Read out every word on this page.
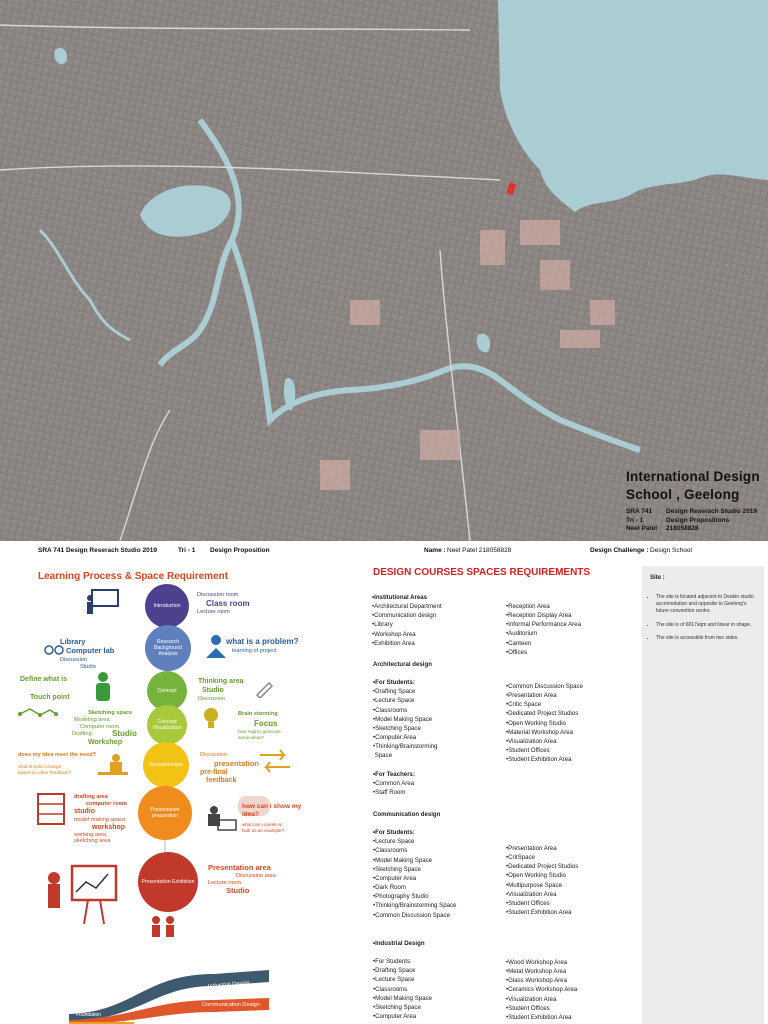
International Design
School , Geelong
SRA 741	Design Reserach Studio 2019
Tri - 1	Design Propositions
Neel Patel	218058828
SRA 741 Design Reserach Studio 2019	Tri - 1 Design Proposition	Name : Neel Patel 218058828	Design Challenge : Design School
Learning Process & Space Requirement
Introduction
Research Background Analysis
Concept
Concept Visualization
Reconstruction
Presentation preparation
Presentation Exhibition
Discussion room
Class room
Lecture room
what is a problem?
learning of project
Library
Computer lab
Discussion
Studio
Define what is
Touch point
Thinking area
Studio
Discussion
Sketching space
Modeling area
Computer room
Drafting	Studio
Workshop
Brain storming
Focus
how might i generate
some ideas?
does my idea meet the need?
what should i change
based on other feedback?
Discussion
presentation
pre-final
feedback
drafting area
computer room
studio
model making space
workshop
working area
sketching area
how can i show my
idea?
what can i create or
built as an example?
Presentation area
Discussion area
Lecture room
Studio
Industrial Design
Communication Design
Foundation
DESIGN COURSES SPACES REQUIREMENTS
•Institutional Areas
•Architectural Department
•Communication design
•Library
•Workshop Area
•Exhibition Area
•Reception Area
•Reception Display Area
•Informal Performance Area
•Auditorium
•Canteen
•Offices
Architectural design
•For Students:
•Drafting Space
•Lecture Space
•Classrooms
•Model Making Space
•Sketching Space
•Computer Area
•Thinking/Brainstorming
Space
•For Teachers:
•Common Area
•Staff Room
•Common Discussion Space
•Presentation Area
•Critic Space
•Dedicated Project Studios
•Open Working Studio
•Material Workshop Area
•Visualization Area
•Student Offices
•Student Exhibition Area
Communication design
•For Students:
•Lecture Space
•Classrooms
•Model Making Space
•Sketching Space
•Computer Area
•Dark Room
•Photography Studio
•Thinking/Brainstorming Space
•Common Discussion Space
•Presentation Area
•CritSpace
•Dedicated Project Studios
•Open Working Studio
•Multipurpose Space
•Visualization Area
•Student Offices
•Student Exhibition Area
•Industrial Design
•For Students:
•Drafting Space
•Lecture Space
•Classrooms
•Model Making Space
•Sketching Space
•Computer Area
•Wood Workshop Area
•Metal Workshop Area
•Glass Workshop Area
•Ceramics Workshop Area
•Visualization Area
•Student Offices
•Student Exhibition Area
Site :
• The site is located adjacent to Deakin studio accomodation and opposite to Geelong's future convention centre.
• The site is of 6017sqm and linear in shape.
• The site is accessible from two sides.
